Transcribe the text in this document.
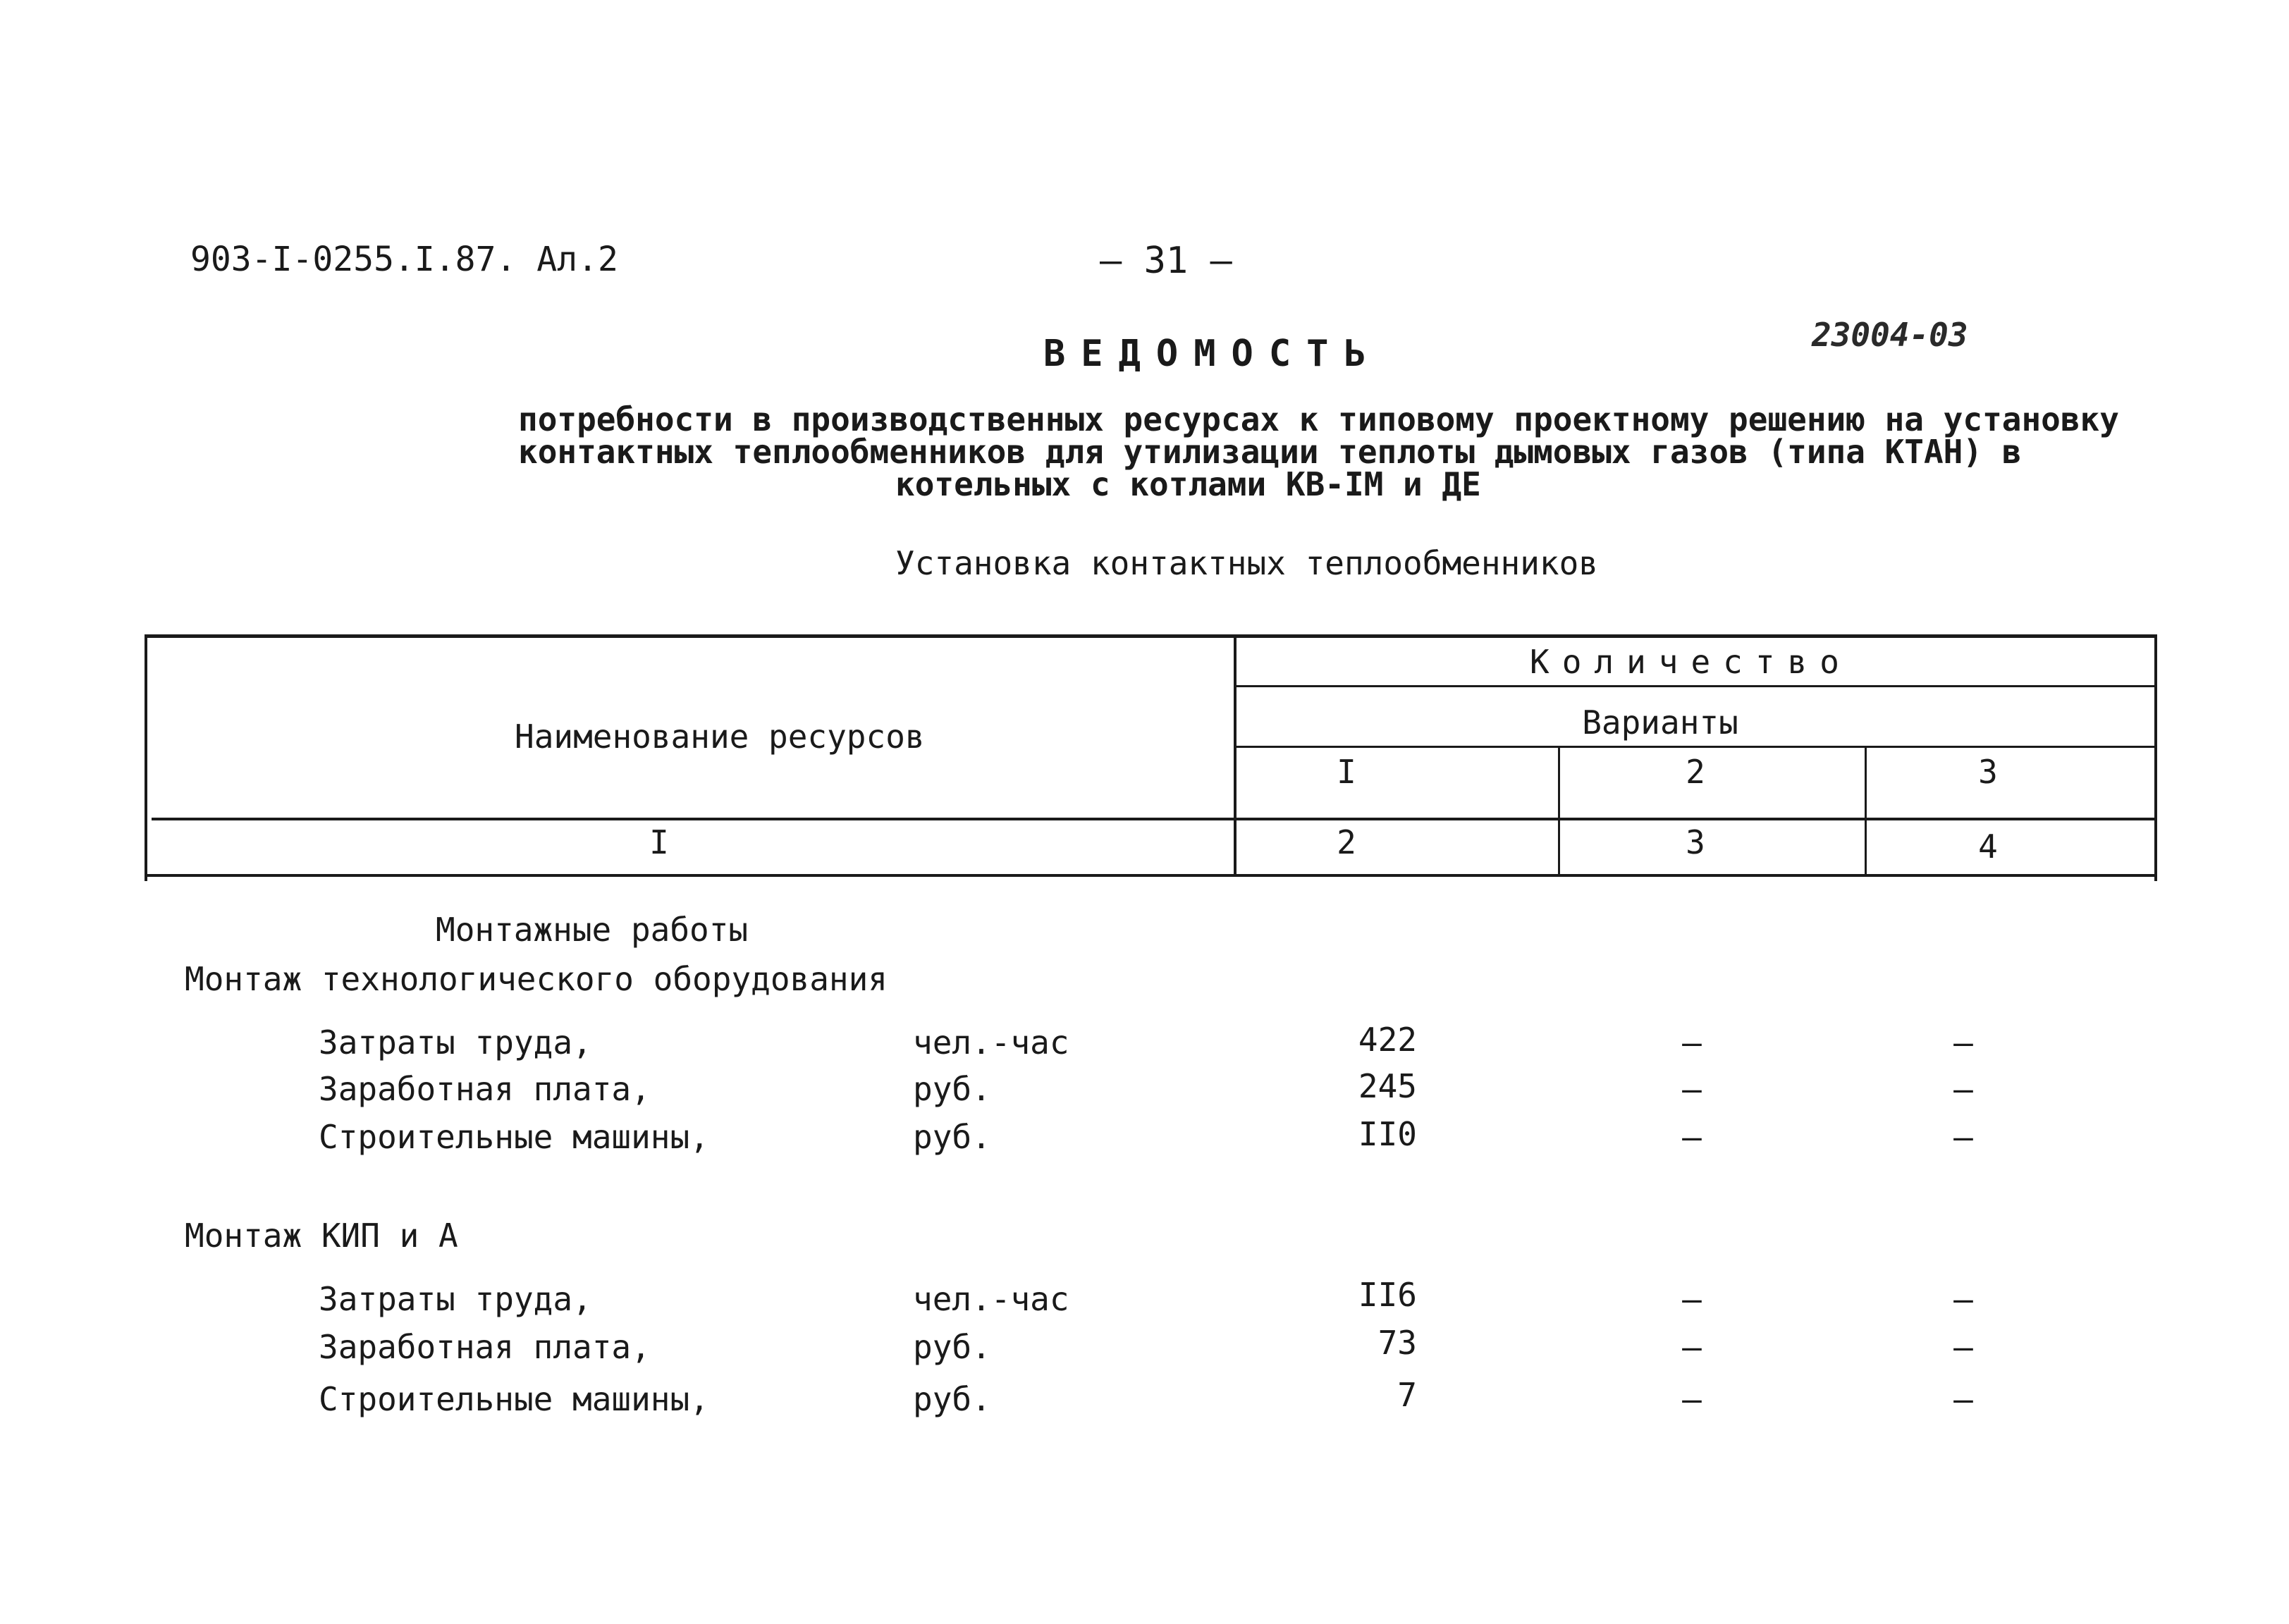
903-I-0255.I.87. Ал.2	– 31 –
23004-03
ВЕДОМОСТЬ
потребности в производственных ресурсах к типовому проектному решению на установку
контактных теплообменников для утилизации теплоты дымовых газов (типа КТАН) в
котельных с котлами КВ-IМ и ДЕ
Установка контактных теплообменников
Наименование ресурсов
Количество
Варианты
I	2	3
I	2	3	4
Монтажные работы
Монтаж технологического оборудования
Затраты труда,	чел.-час	422	–	–
Заработная плата,	руб.	245	–	–
Строительные машины,	руб.	II0	–	–
Монтаж КИП и А
Затраты труда,	чел.-час	II6	–	–
Заработная плата,	руб.	73	–	–
Строительные машины,	руб.	7	–	–
